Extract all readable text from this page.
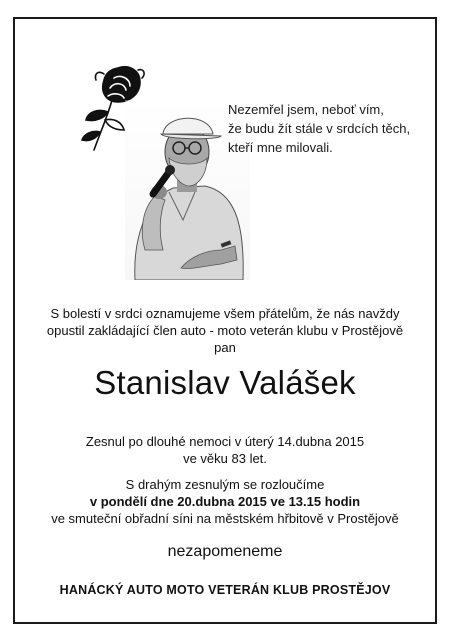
Nezemřel jsem, neboť vím,
že budu žít stále v srdcích těch,
kteří mne milovali.
S bolestí v srdci oznamujeme všem přátelům, že nás navždy
opustil zakládající člen auto - moto veterán klubu v Prostějově
pan
Stanislav Valášek
Zesnul po dlouhé nemoci v úterý 14.dubna 2015
ve věku 83 let.
S drahým zesnulým se rozloučíme
v pondělí dne 20.dubna 2015 ve 13.15 hodin
ve smuteční obřadní síni na městském hřbitově v Prostějově
nezapomeneme
HANÁCKÝ AUTO MOTO VETERÁN KLUB PROSTĚJOV
